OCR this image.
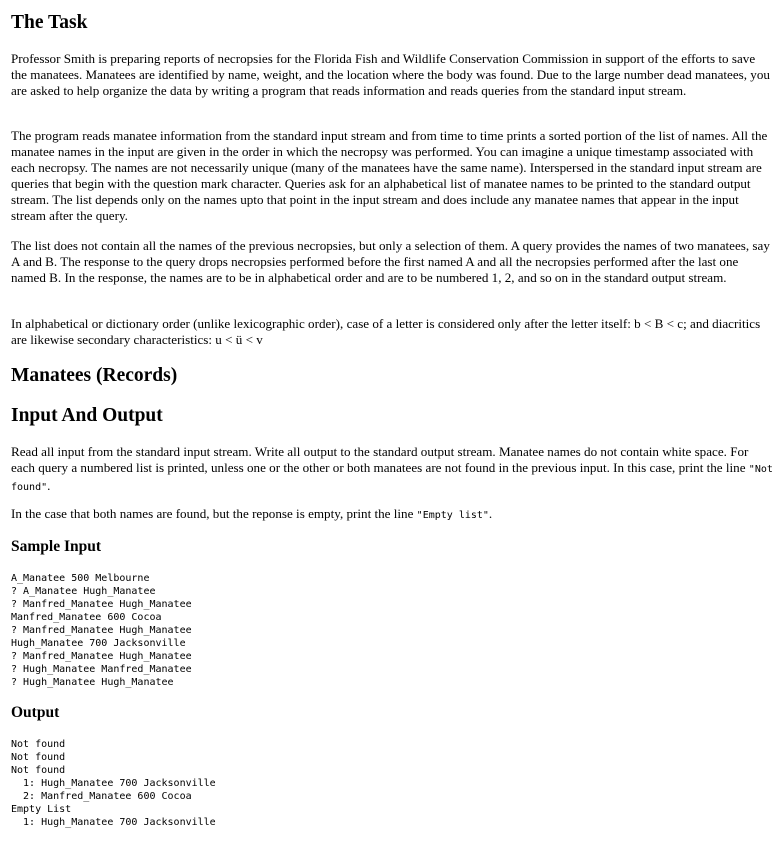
The Task

Professor Smith is preparing reports of necropsies for the Florida Fish and Wildlife Conservation Commission in support of the efforts to save the manatees. Manatees are identified by name, weight, and the location where the body was found. Due to the large number dead manatees, you are asked to help organize the data by writing a program that reads information and reads queries from the standard input stream.

The program reads manatee information from the standard input stream and from time to time prints a sorted portion of the list of names. All the manatee names in the input are given in the order in which the necropsy was performed. You can imagine a unique timestamp associated with each necropsy. The names are not necessarily unique (many of the manatees have the same name). Interspersed in the standard input stream are queries that begin with the question mark character. Queries ask for an alphabetical list of manatee names to be printed to the standard output stream. The list depends only on the names upto that point in the input stream and does include any manatee names that appear in the input stream after the query.

The list does not contain all the names of the previous necropsies, but only a selection of them. A query provides the names of two manatees, say A and B. The response to the query drops necropsies performed before the first named A and all the necropsies performed after the last one named B. In the response, the names are to be in alphabetical order and are to be numbered 1, 2, and so on in the standard output stream.

In alphabetical or dictionary order (unlike lexicographic order), case of a letter is considered only after the letter itself: b < B < c; and diacritics are likewise secondary characteristics: u < ü < v

Manatees (Records)
Input And Output

Read all input from the standard input stream. Write all output to the standard output stream. Manatee names do not contain white space. For each query a numbered list is printed, unless one or the other or both manatees are not found in the previous input. In this case, print the line "Not found".

In the case that both names are found, but the reponse is empty, print the line "Empty list".

Sample Input
A_Manatee 500 Melbourne
? A_Manatee Hugh_Manatee
? Manfred_Manatee Hugh_Manatee
Manfred_Manatee 600 Cocoa
? Manfred_Manatee Hugh_Manatee
Hugh_Manatee 700 Jacksonville
? Manfred_Manatee Hugh_Manatee
? Hugh_Manatee Manfred_Manatee
? Hugh_Manatee Hugh_Manatee
Output
Not found
Not found
Not found
1: Hugh_Manatee 700 Jacksonville
2: Manfred_Manatee 600 Cocoa
Empty List
1: Hugh_Manatee 700 Jacksonville
